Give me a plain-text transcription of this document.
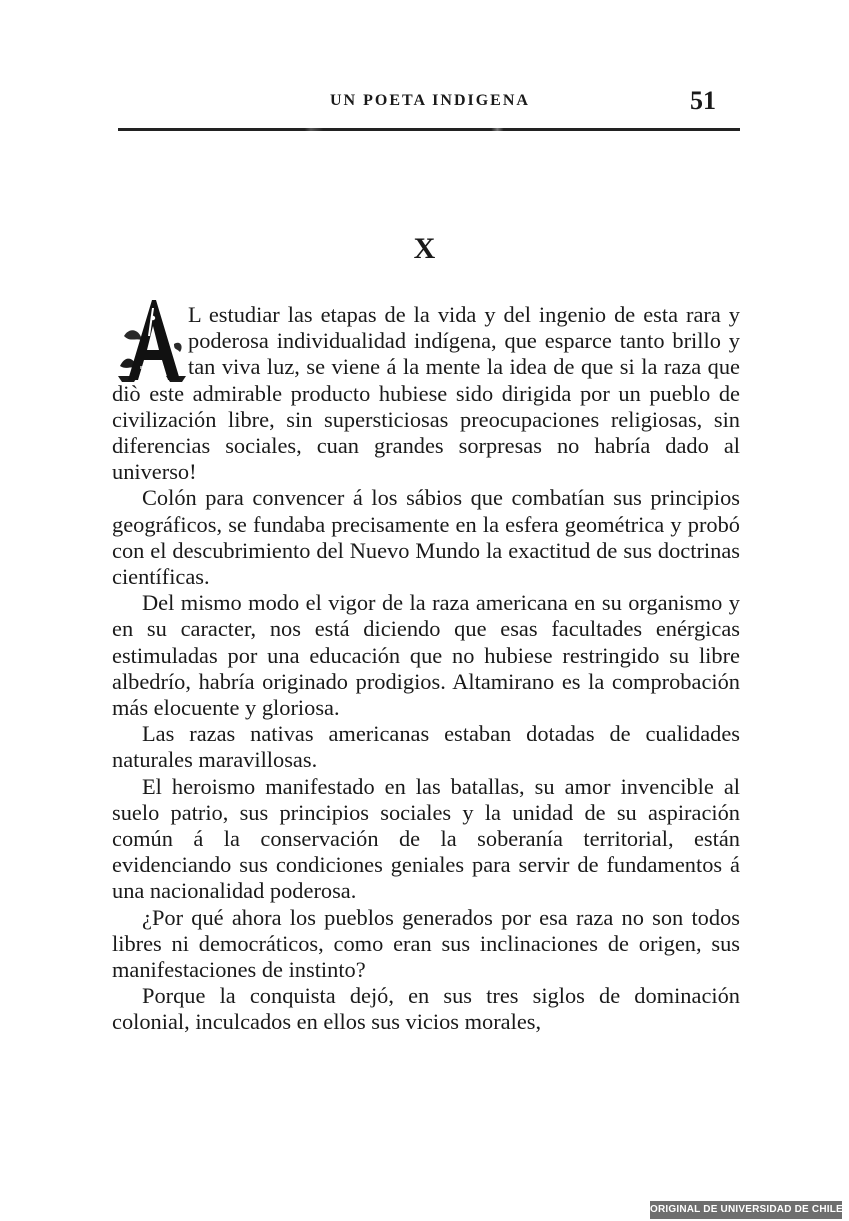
UN POETA INDIGENA	51
X
A

L estudiar las etapas de la vida y del ingenio de esta rara y poderosa individualidad indígena, que esparce tanto brillo y tan viva luz, se viene á la mente la idea de que si la raza que diò este admirable producto hubiese sido dirigida por un pueblo de civilización libre, sin supersticiosas preocupaciones religiosas, sin diferencias sociales, cuan grandes sorpresas no habría dado al universo!

Colón para convencer á los sábios que combatían sus principios geográficos, se fundaba precisamente en la esfera geométrica y probó con el descubrimiento del Nuevo Mundo la exactitud de sus doctrinas científicas.

Del mismo modo el vigor de la raza americana en su organismo y en su caracter, nos está diciendo que esas facultades enérgicas estimuladas por una educación que no hubiese restringido su libre albedrío, habría originado prodigios. Altamirano es la comprobación más elocuente y gloriosa.

Las razas nativas americanas estaban dotadas de cualidades naturales maravillosas.

El heroismo manifestado en las batallas, su amor invencible al suelo patrio, sus principios sociales y la unidad de su aspiración común á la conservación de la soberanía territorial, están evidenciando sus condiciones geniales para servir de fundamentos á una nacionalidad poderosa.

¿Por qué ahora los pueblos generados por esa raza no son todos libres ni democráticos, como eran sus inclinaciones de origen, sus manifestaciones de instinto?

Porque la conquista dejó, en sus tres siglos de dominación colonial, inculcados en ellos sus vicios morales,

ORIGINAL DE UNIVERSIDAD DE CHILE
